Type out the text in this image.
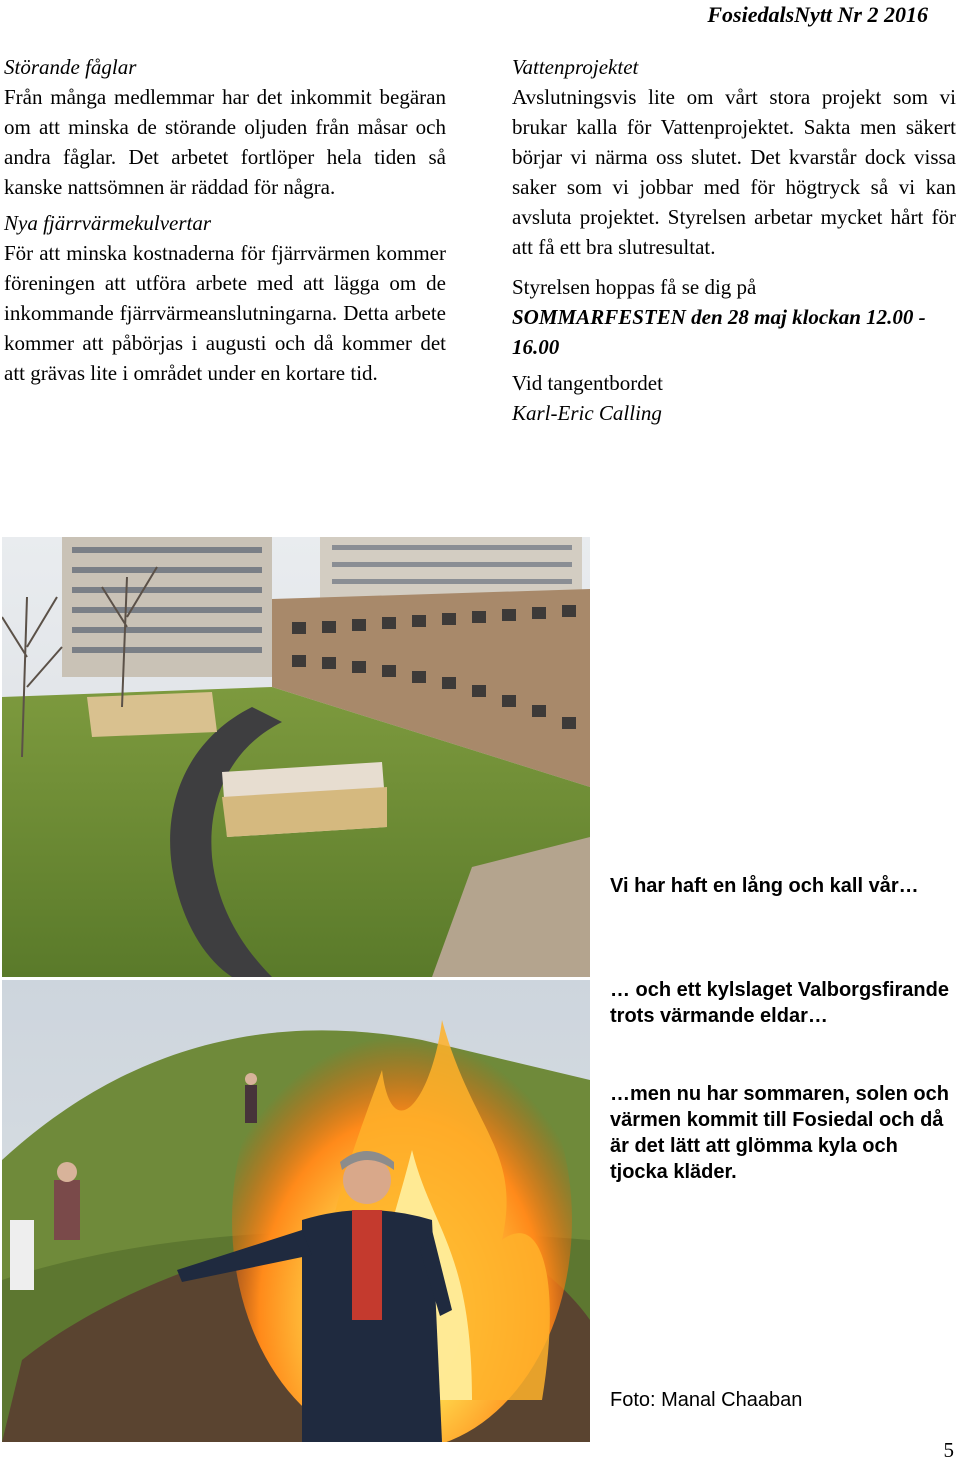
FosiedalsNytt Nr 2 2016

Störande fåglar

Från många medlemmar har det inkommit begäran om att minska de störande oljuden från måsar och andra fåglar. Det arbetet fortlöper hela tiden så kanske nattsömnen är räddad för några.

Nya fjärrvärmekulvertar

För att minska kostnaderna för fjärrvärmen kommer föreningen att utföra arbete med att lägga om de inkommande fjärrvärmeanslutningarna. Detta arbete kommer att påbörjas i augusti och då kommer det att grävas lite i området under en kortare tid.

Vattenprojektet

Avslutningsvis lite om vårt stora projekt som vi brukar kalla för Vattenprojektet. Sakta men säkert börjar vi närma oss slutet. Det kvarstår dock vissa saker som vi jobbar med för högtryck så vi kan avsluta projektet. Styrelsen arbetar mycket hårt för att få ett bra slutresultat.

Styrelsen hoppas få se dig på

SOMMARFESTEN den 28 maj klockan 12.00 - 16.00

Vid tangentbordet

Karl-Eric Calling

Vi har haft en lång och kall vår…
… och ett kylslaget Valborgsfirande trots värmande eldar…
…men nu har sommaren, solen och värmen kommit till Fosiedal och då är det lätt att glömma kyla och tjocka kläder.
Foto: Manal Chaaban
5
